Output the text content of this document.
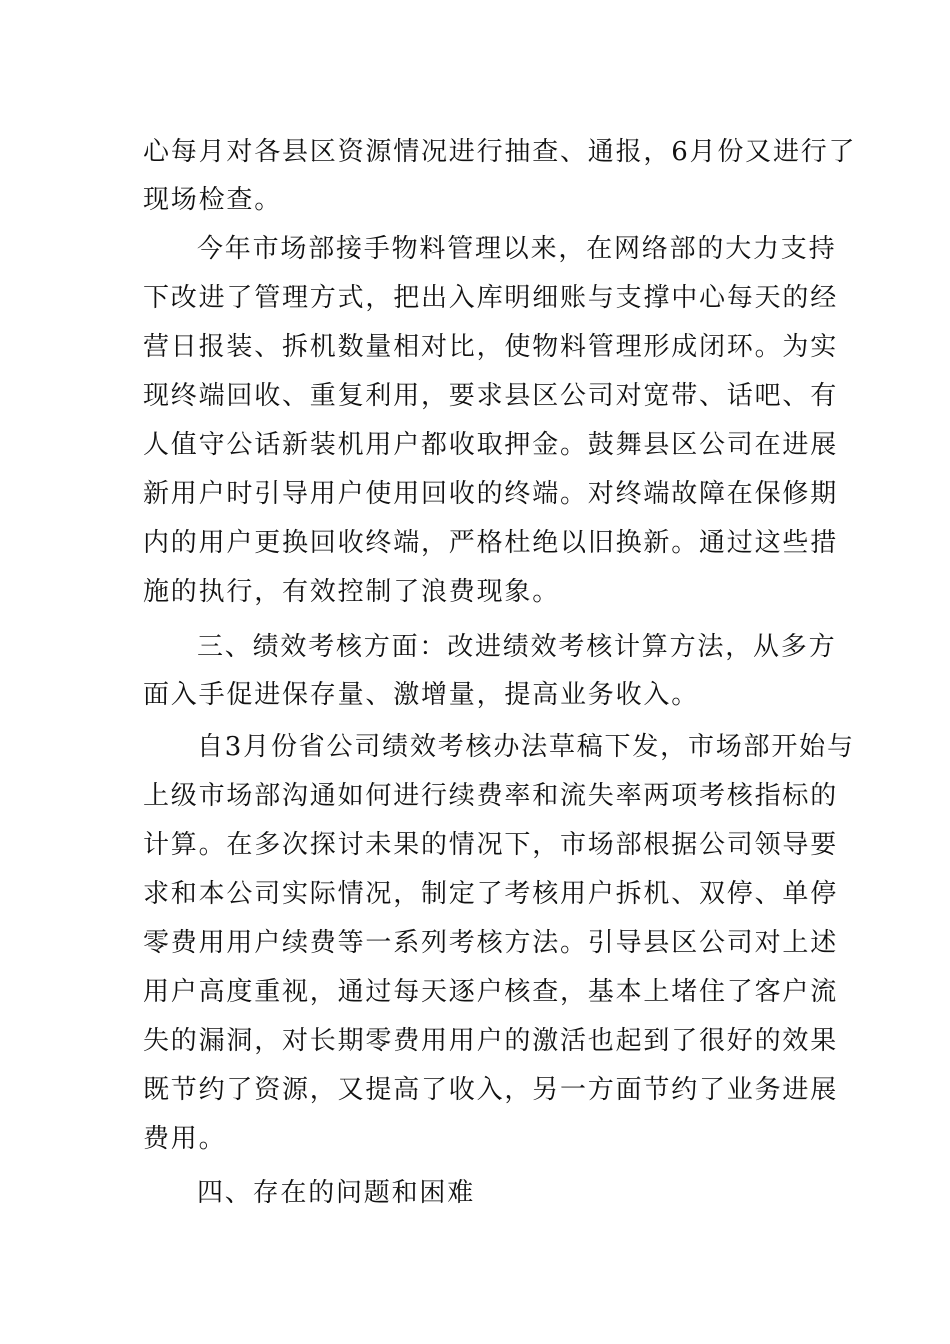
心每月对各县区资源情况进行抽查、通报，6月份又进行了
现场检查。
今年市场部接手物料管理以来，在网络部的大力支持
下改进了管理方式，把出入库明细账与支撑中心每天的经
营日报装、拆机数量相对比，使物料管理形成闭环。为实
现终端回收、重复利用，要求县区公司对宽带、话吧、有
人值守公话新装机用户都收取押金。鼓舞县区公司在进展
新用户时引导用户使用回收的终端。对终端故障在保修期
内的用户更换回收终端，严格杜绝以旧换新。通过这些措
施的执行，有效控制了浪费现象。
三、绩效考核方面：改进绩效考核计算方法，从多方
面入手促进保存量、激增量，提高业务收入。
自3月份省公司绩效考核办法草稿下发，市场部开始与
上级市场部沟通如何进行续费率和流失率两项考核指标的
计算。在多次探讨未果的情况下，市场部根据公司领导要
求和本公司实际情况，制定了考核用户拆机、双停、单停
零费用用户续费等一系列考核方法。引导县区公司对上述
用户高度重视，通过每天逐户核查，基本上堵住了客户流
失的漏洞，对长期零费用用户的激活也起到了很好的效果
既节约了资源，又提高了收入，另一方面节约了业务进展
费用。
四、存在的问题和困难
